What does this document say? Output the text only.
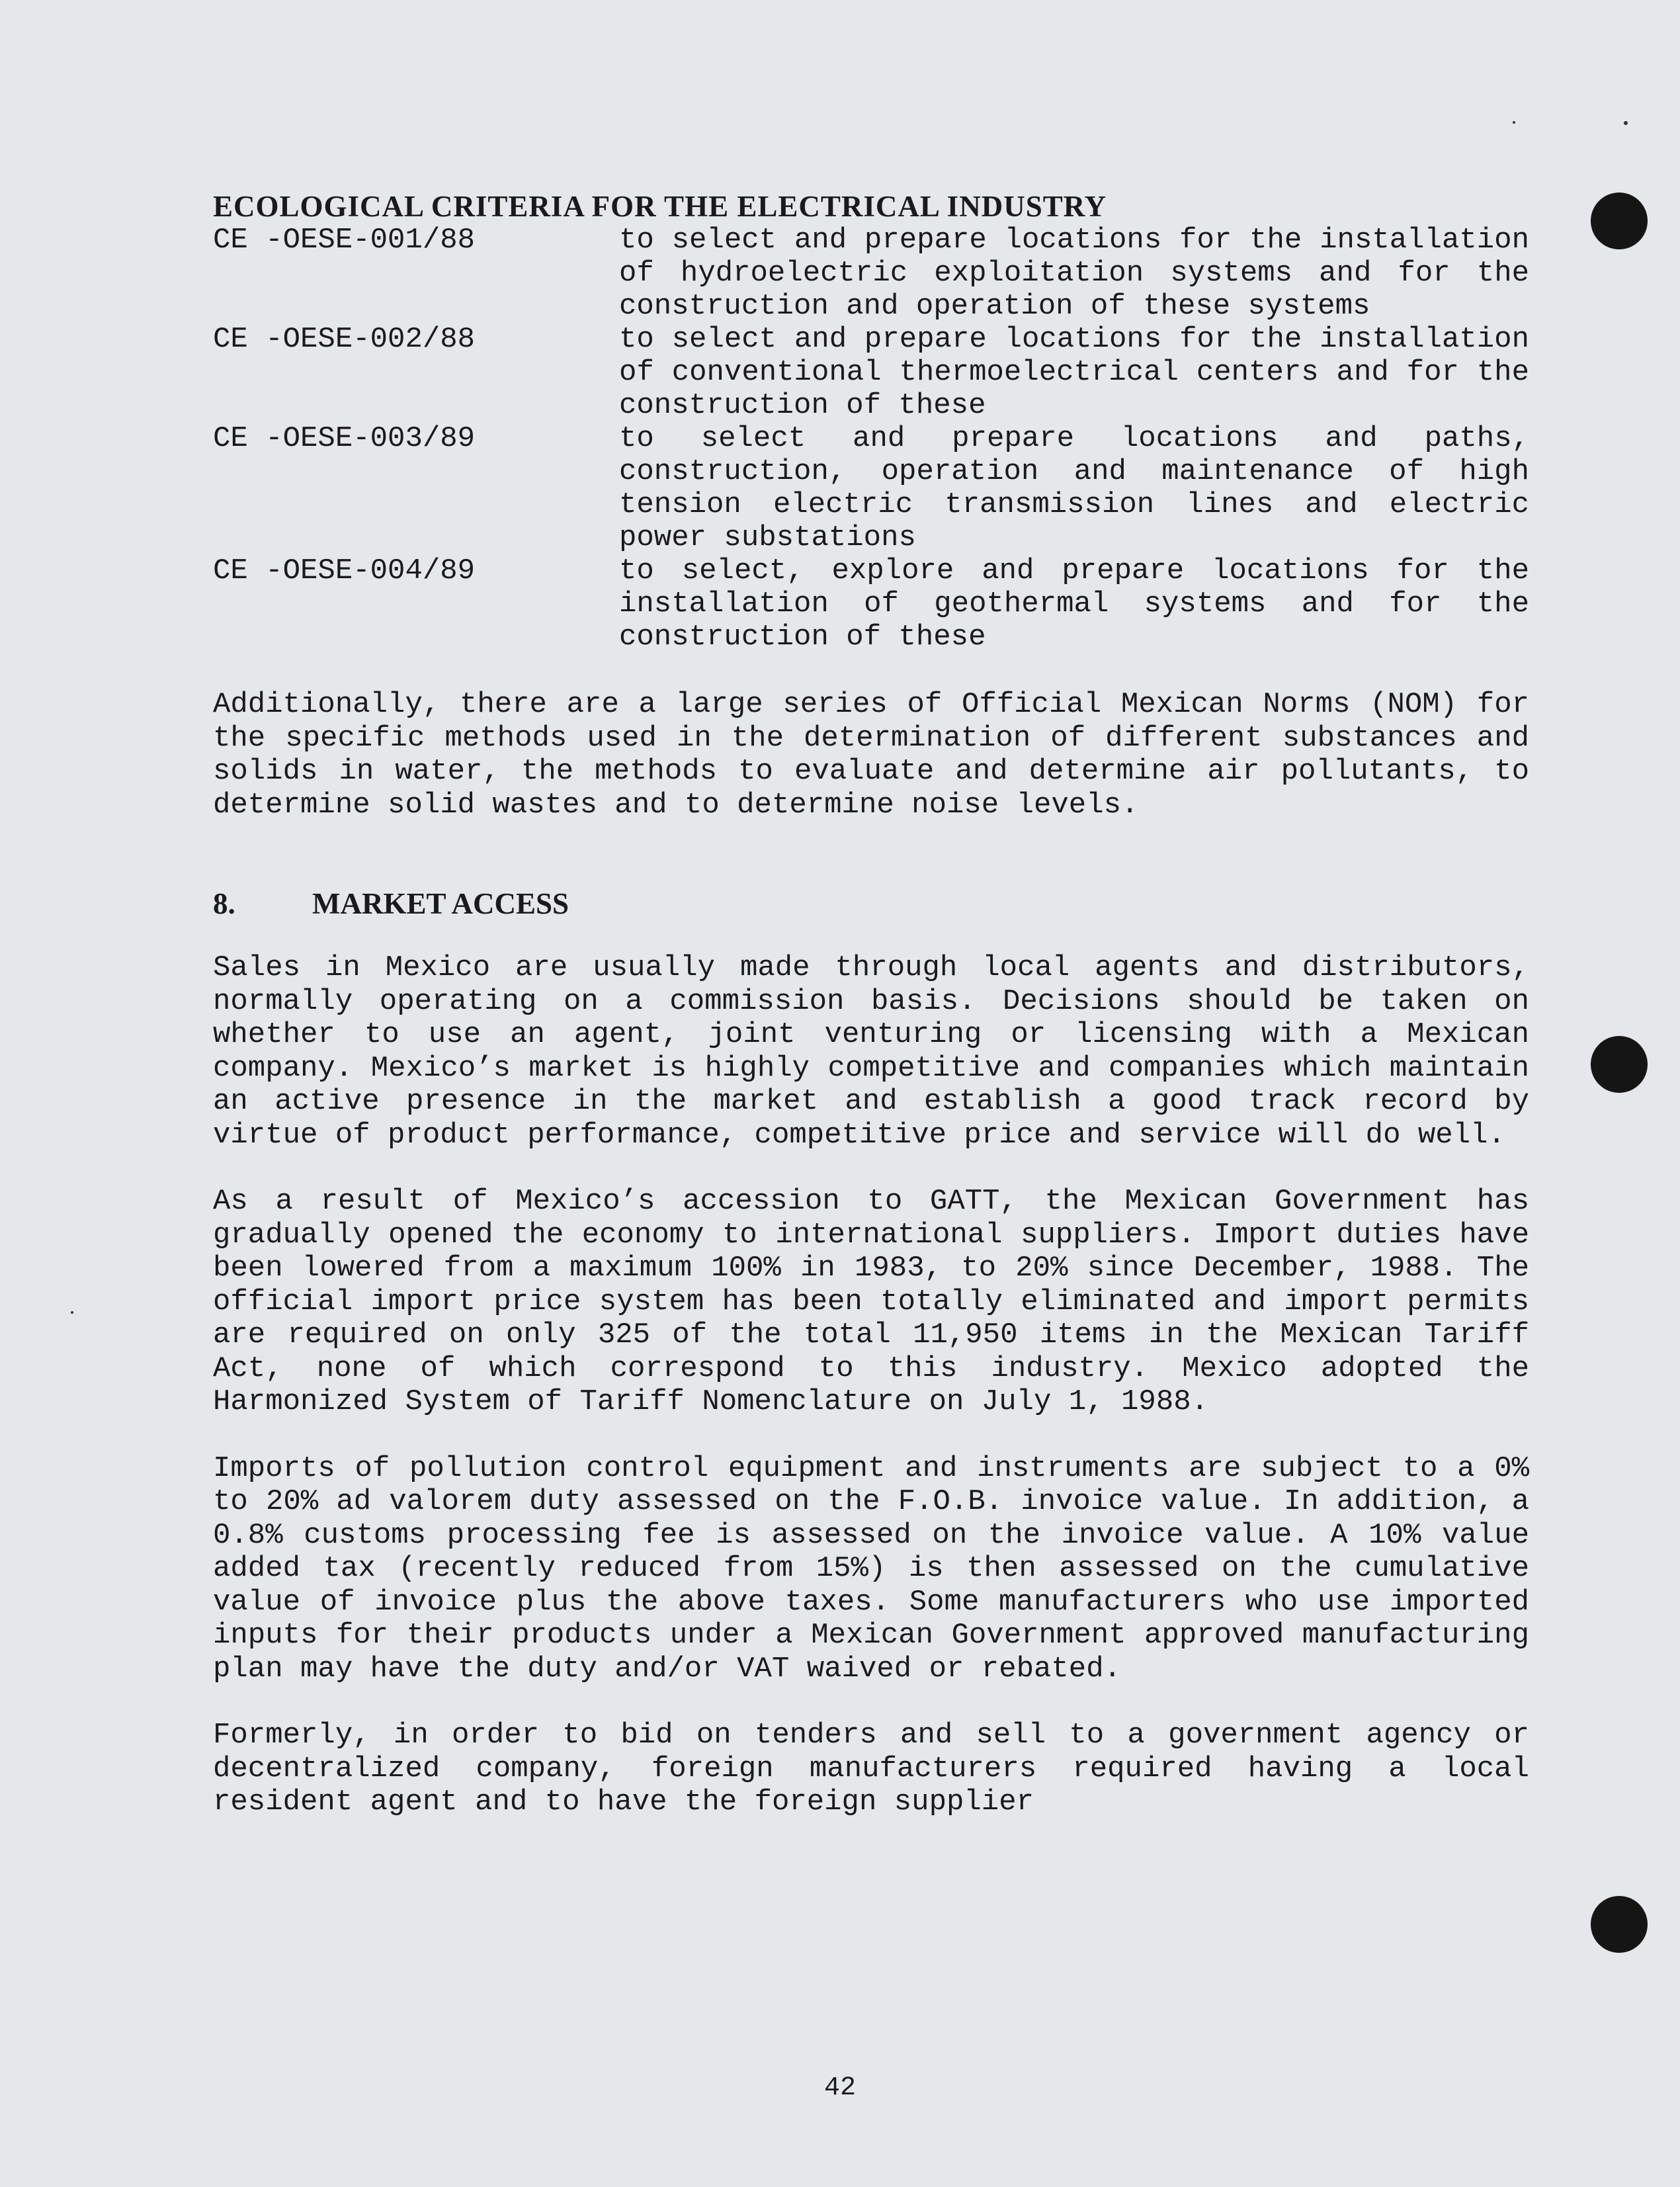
ECOLOGICAL CRITERIA FOR THE ELECTRICAL INDUSTRY
CE -OESE-001/88	to select and prepare locations for the installation of hydroelectric exploitation systems and for the construction and operation of these systems
CE -OESE-002/88	to select and prepare locations for the installation of conventional thermoelectrical centers and for the construction of these
CE -OESE-003/89	to select and prepare locations and paths, construction, operation and maintenance of high tension electric transmission lines and electric power substations
CE -OESE-004/89	to select, explore and prepare locations for the installation of geothermal systems and for the construction of these

Additionally, there are a large series of Official Mexican Norms (NOM) for the specific methods used in the determination of different substances and solids in water, the methods to evaluate and determine air pollutants, to determine solid wastes and to determine noise levels.

8.	MARKET ACCESS

Sales in Mexico are usually made through local agents and distributors, normally operating on a commission basis. Decisions should be taken on whether to use an agent, joint venturing or licensing with a Mexican company. Mexico’s market is highly competitive and companies which maintain an active presence in the market and establish a good track record by virtue of product performance, competitive price and service will do well.

As a result of Mexico’s accession to GATT, the Mexican Government has gradually opened the economy to international suppliers. Import duties have been lowered from a maximum 100% in 1983, to 20% since December, 1988. The official import price system has been totally eliminated and import permits are required on only 325 of the total 11,950 items in the Mexican Tariff Act, none of which correspond to this industry. Mexico adopted the Harmonized System of Tariff Nomenclature on July 1, 1988.

Imports of pollution control equipment and instruments are subject to a 0% to 20% ad valorem duty assessed on the F.O.B. invoice value. In addition, a 0.8% customs processing fee is assessed on the invoice value. A 10% value added tax (recently reduced from 15%) is then assessed on the cumulative value of invoice plus the above taxes. Some manufacturers who use imported inputs for their products under a Mexican Government approved manufacturing plan may have the duty and/or VAT waived or rebated.

Formerly, in order to bid on tenders and sell to a government agency or decentralized company, foreign manufacturers required having a local resident agent and to have the foreign supplier

42
